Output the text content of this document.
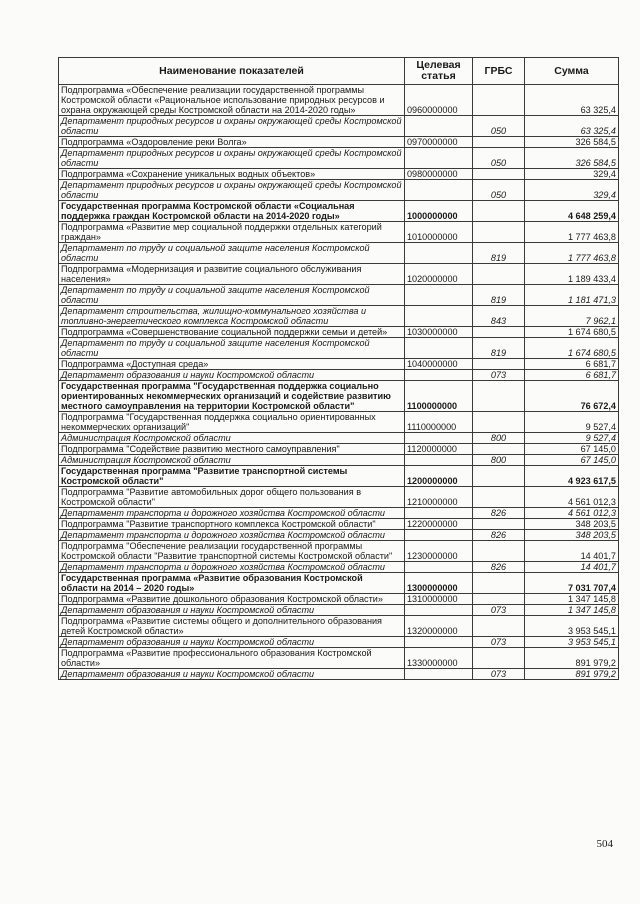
Наименование показателей	Целевая статья	ГРБС	Сумма
Подпрограмма «Обеспечение реализации государственной программы Костромской области «Рациональное использование природных ресурсов и охрана окружающей среды Костромской области на 2014-2020 годы»	0960000000		63 325,4
Департамент природных ресурсов и охраны окружающей среды Костромской области		050	63 325,4
Подпрограмма «Оздоровление реки Волга»	0970000000		326 584,5
Департамент природных ресурсов и охраны окружающей среды Костромской области		050	326 584,5
Подпрограмма «Сохранение уникальных водных объектов»	0980000000		329,4
Департамент природных ресурсов и охраны окружающей среды Костромской области		050	329,4
Государственная программа Костромской области «Социальная поддержка граждан Костромской области на 2014-2020 годы»	1000000000		4 648 259,4
Подпрограмма «Развитие мер социальной поддержки отдельных категорий граждан»	1010000000		1 777 463,8
Департамент по труду и социальной защите населения Костромской области		819	1 777 463,8
Подпрограмма «Модернизация и развитие социального обслуживания населения»	1020000000		1 189 433,4
Департамент по труду и социальной защите населения Костромской области		819	1 181 471,3
Департамент строительства, жилищно-коммунального хозяйства и топливно-энергетического комплекса Костромской области		843	7 962,1
Подпрограмма «Совершенствование социальной поддержки семьи и детей»	1030000000		1 674 680,5
Департамент по труду и социальной защите населения Костромской области		819	1 674 680,5
Подпрограмма «Доступная среда»	1040000000		6 681,7
Департамент образования и науки Костромской области		073	6 681,7
Государственная программа "Государственная поддержка социально ориентированных некоммерческих организаций и содействие развитию местного самоуправления на территории Костромской области"	1100000000		76 672,4
Подпрограмма "Государственная поддержка социально ориентированных некоммерческих организаций"	1110000000		9 527,4
Администрация Костромской области		800	9 527,4
Подпрограмма "Содействие развитию местного самоуправления"	1120000000		67 145,0
Администрация Костромской области		800	67 145,0
Государственная программа "Развитие транспортной системы Костромской области"	1200000000		4 923 617,5
Подпрограмма "Развитие автомобильных дорог общего пользования в Костромской области"	1210000000		4 561 012,3
Департамент транспорта и дорожного хозяйства Костромской области		826	4 561 012,3
Подпрограмма "Развитие транспортного комплекса Костромской области"	1220000000		348 203,5
Департамент транспорта и дорожного хозяйства Костромской области		826	348 203,5
Подпрограмма "Обеспечение реализации государственной программы Костромской области "Развитие транспортной системы Костромской области"	1230000000		14 401,7
Департамент транспорта и дорожного хозяйства Костромской области		826	14 401,7
Государственная программа «Развитие образования Костромской области на 2014 – 2020 годы»	1300000000		7 031 707,4
Подпрограмма «Развитие дошкольного образования Костромской области»	1310000000		1 347 145,8
Департамент образования и науки Костромской области		073	1 347 145,8
Подпрограмма «Развитие системы общего и дополнительного образования детей Костромской области»	1320000000		3 953 545,1
Департамент образования и науки Костромской области		073	3 953 545,1
Подпрограмма «Развитие профессионального образования Костромской области»	1330000000		891 979,2
Департамент образования и науки Костромской области		073	891 979,2
504
